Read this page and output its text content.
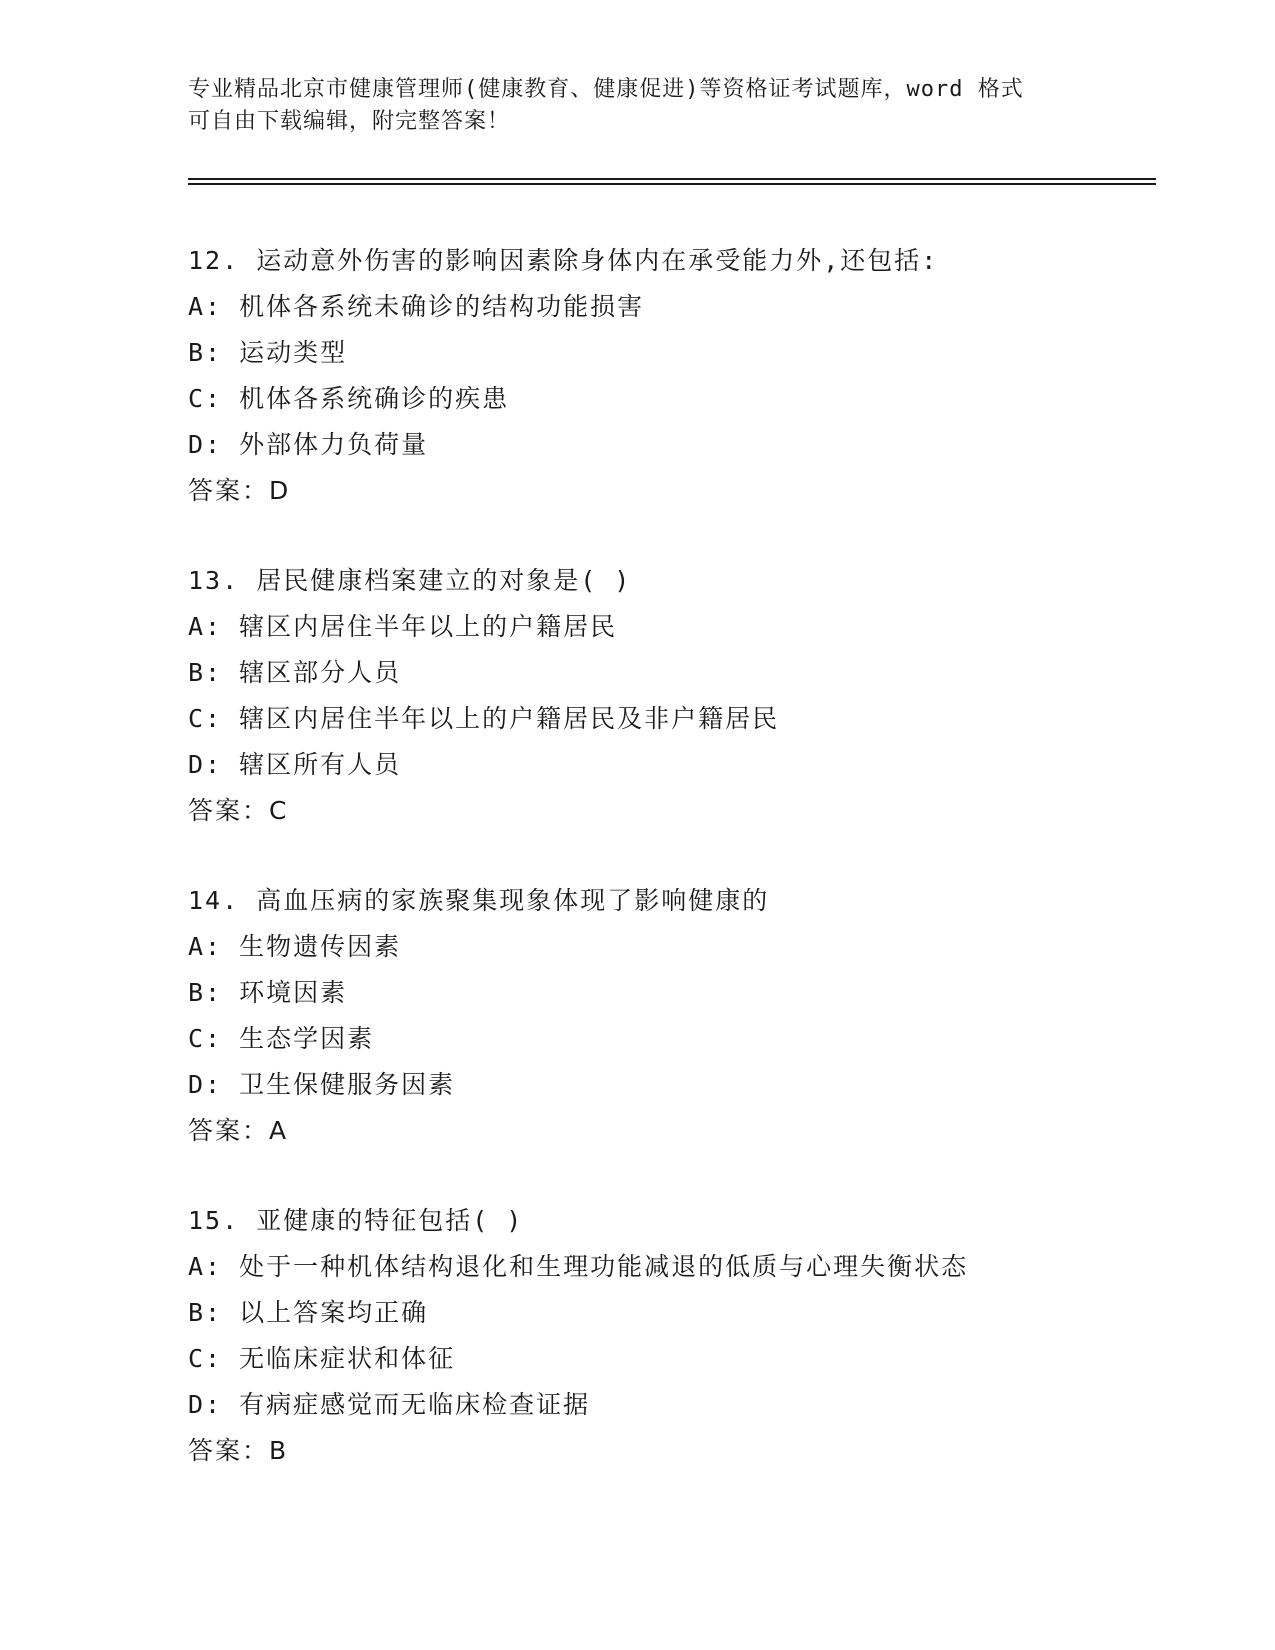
专业精品北京市健康管理师(健康教育、健康促进)等资格证考试题库，word 格式
可自由下载编辑，附完整答案！
12. 运动意外伤害的影响因素除身体内在承受能力外,还包括:
A: 机体各系统未确诊的结构功能损害
B: 运动类型
C: 机体各系统确诊的疾患
D: 外部体力负荷量
答案：D
13. 居民健康档案建立的对象是( )
A: 辖区内居住半年以上的户籍居民
B: 辖区部分人员
C: 辖区内居住半年以上的户籍居民及非户籍居民
D: 辖区所有人员
答案：C
14. 高血压病的家族聚集现象体现了影响健康的
A: 生物遗传因素
B: 环境因素
C: 生态学因素
D: 卫生保健服务因素
答案：A
15. 亚健康的特征包括( )
A: 处于一种机体结构退化和生理功能减退的低质与心理失衡状态
B: 以上答案均正确
C: 无临床症状和体征
D: 有病症感觉而无临床检查证据
答案：B
